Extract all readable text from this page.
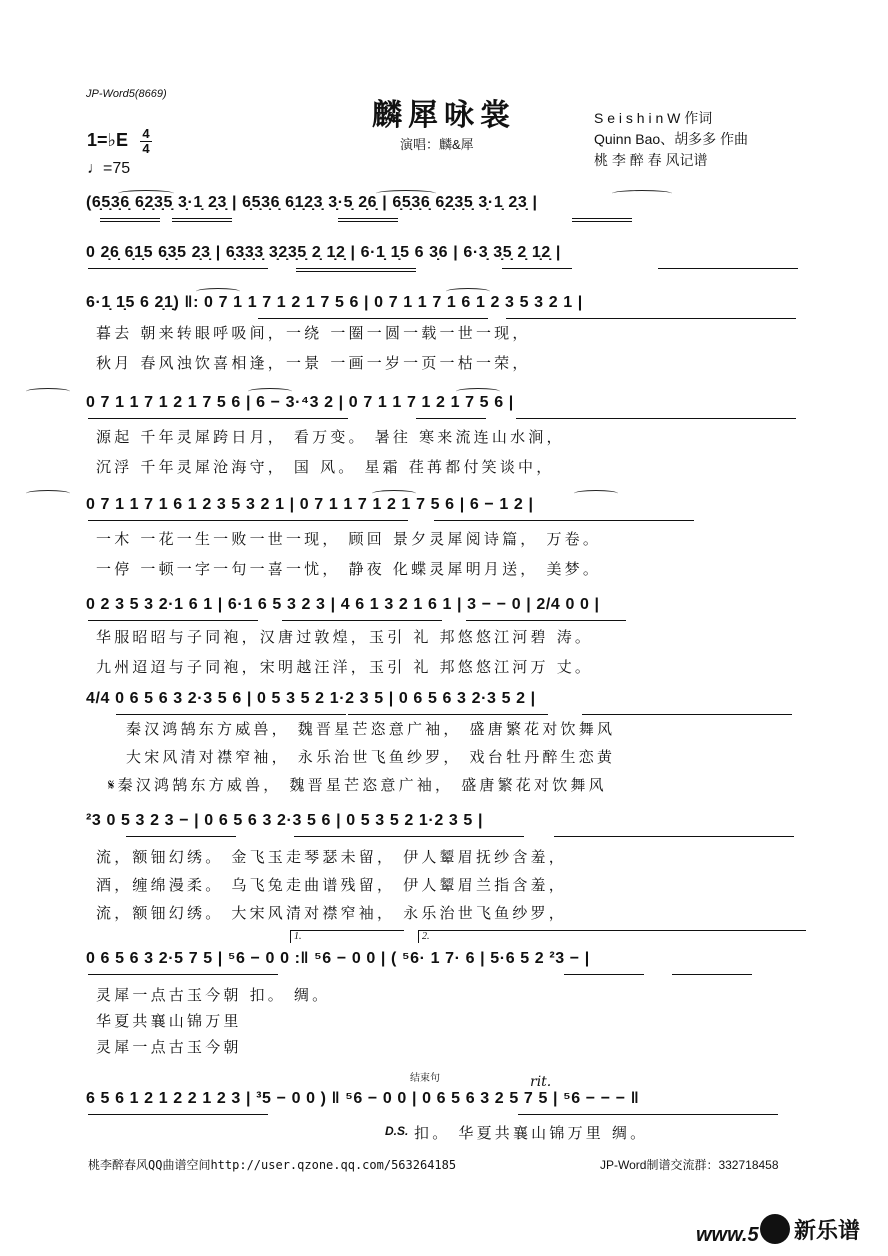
JP-Word5(8669)
麟犀咏裳
演唱：麟&犀
S e i s h i n W 作词
Quinn Bao、胡多多 作曲
桃 李 醉 春 风记谱
1=♭E 4
4
♩=75
(6̣5̣3̣6̣ 6̣2̣3̣5̣ 3̣·1̣ 2̣3̣ | 6̣5̣3̣6̣ 6̣1̣2̣3̣ 3̣·5̣ 2̣6̣ | 6̣5̣3̣6̣ 6̣2̣3̣5̣ 3̣·1̣ 2̣3̣ |
0 2̣6̣ 6̣1̣5 6̣3̣5 2̣3̣ | 6̣3̣3̣3̣ 3̣2̣3̣5̣ 2̣ 1̣2̣ | 6·1̣ 1̣5 6 3̣6 | 6·3̣ 3̣5̣ 2̣ 1̣2̣ |
6·1̣ 1̣5 6 2̣1̣) ‖: 0 7 1 1 7 1 2 1 7 5 6 | 0 7 1 1 7 1 6 1 2 3 5 3 2 1 |
暮去 朝来转眼呼吸间，一绕 一圈一圆一载一世一现，
秋月 春风浊饮喜相逢，一景 一画一岁一页一枯一荣，
0 7 1 1 7 1 2 1 7 5 6 | 6 − 3·⁴3 2 | 0 7 1 1 7 1 2 1 7 5 6 |
源起 千年灵犀跨日月， 看万变。 暑往 寒来流连山水涧，
沉浮 千年灵犀沧海守， 国 风。 星霜 荏苒都付笑谈中，
0 7 1 1 7 1 6 1 2 3 5 3 2 1 | 0 7 1 1 7 1 2 1 7 5 6 | 6 − 1 2 |
一木 一花一生一败一世一现， 顾回 景夕灵犀阅诗篇， 万卷。
一停 一顿一字一句一喜一忧， 静夜 化蝶灵犀明月送， 美梦。
0 2 3 5 3 2·1 6 1 | 6·1 6 5 3 2 3 | 4 6 1 3 2 1 6 1 | 3 − − 0 | 2/4 0 0 |
华服昭昭与子同袍，汉唐过敦煌，玉引 礼 邦悠悠江河碧 涛。
九州迢迢与子同袍，宋明越汪洋，玉引 礼 邦悠悠江河万 丈。
4/4 0 6 5 6 3 2·3 5 6 | 0 5 3 5 2 1·2 3 5 | 0 6 5 6 3 2·3 5 2 |
秦汉鸿鹄东方威兽， 魏晋星芒恣意广袖， 盛唐繁花对饮舞风
大宋风清对襟窄袖， 永乐治世飞鱼纱罗， 戏台牡丹醉生恋黄
𝄋秦汉鸿鹄东方威兽， 魏晋星芒恣意广袖， 盛唐繁花对饮舞风
²3 0 5 3 2 3 − | 0 6 5 6 3 2·3 5 6 | 0 5 3 5 2 1·2 3 5 |
流，额钿幻绣。 金飞玉走琴瑟未留， 伊人颦眉抚纱含羞，
酒，缠绵漫柔。 乌飞兔走曲谱残留， 伊人颦眉兰指含羞，
流，额钿幻绣。 大宋风清对襟窄袖， 永乐治世飞鱼纱罗，
1.	2.
0 6 5 6 3 2·5 7 5 | ⁵6 − 0 0 :‖ ⁵6 − 0 0 | ( ⁵6· 1 7· 6 | 5·6 5 2 ²3 − |
灵犀一点古玉今朝 扣。 绸。
华夏共襄山锦万里
灵犀一点古玉今朝
结束句	rit.
6 5 6 1 2 1 2 2 1 2 3 | ³5 − 0 0 ) ‖ ⁵6 − 0 0 | 0 6 5 6 3 2 5 7 5 | ⁵6 − − − ‖
D.S. 扣。 华夏共襄山锦万里 绸。
桃李醉春风QQ曲谱空间http://user.qzone.qq.com/563264185	JP-Word制谱交流群：332718458
www.5 新乐谱
